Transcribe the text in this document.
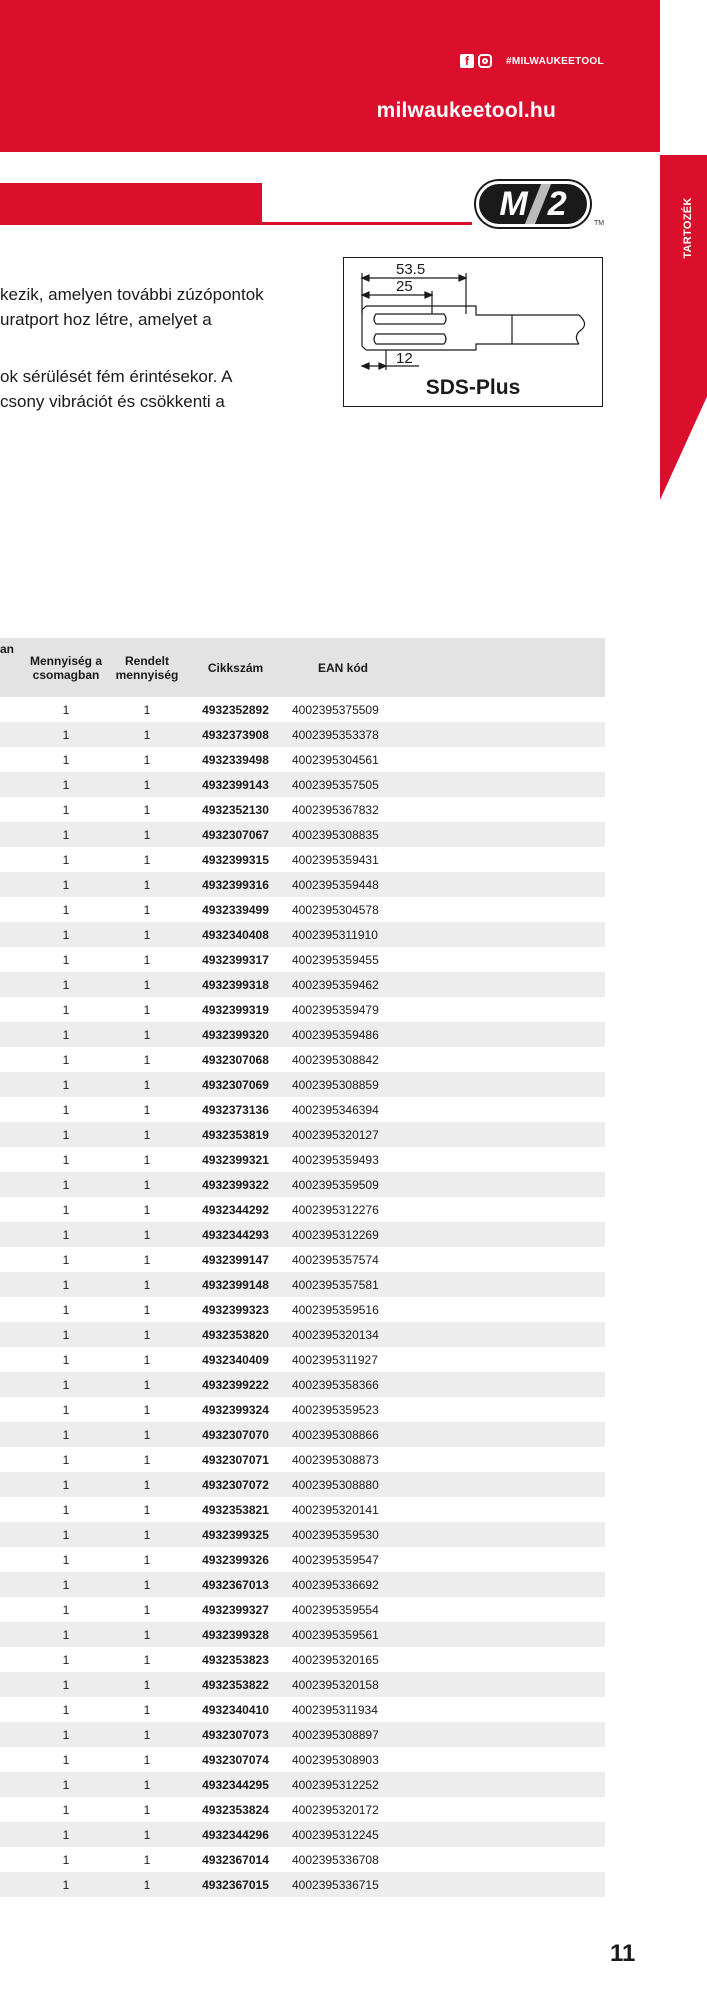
f	#MILWAUKEETOOL
milwaukeetool.hu
TARTOZÉK
M 2
TM
kezik, amelyen további zúzópontok
uratport hoz létre, amelyet a
ok sérülését fém érintésekor. A
csony vibrációt és csökkenti a
53.5
25
12
SDS-Plus
an	Mennyiség a csomagban	Rendelt mennyiség	Cikkszám	EAN kód	
	1	1	4932352892	4002395375509	
	1	1	4932373908	4002395353378	
	1	1	4932339498	4002395304561	
	1	1	4932399143	4002395357505	
	1	1	4932352130	4002395367832	
	1	1	4932307067	4002395308835	
	1	1	4932399315	4002395359431	
	1	1	4932399316	4002395359448	
	1	1	4932339499	4002395304578	
	1	1	4932340408	4002395311910	
	1	1	4932399317	4002395359455	
	1	1	4932399318	4002395359462	
	1	1	4932399319	4002395359479	
	1	1	4932399320	4002395359486	
	1	1	4932307068	4002395308842	
	1	1	4932307069	4002395308859	
	1	1	4932373136	4002395346394	
	1	1	4932353819	4002395320127	
	1	1	4932399321	4002395359493	
	1	1	4932399322	4002395359509	
	1	1	4932344292	4002395312276	
	1	1	4932344293	4002395312269	
	1	1	4932399147	4002395357574	
	1	1	4932399148	4002395357581	
	1	1	4932399323	4002395359516	
	1	1	4932353820	4002395320134	
	1	1	4932340409	4002395311927	
	1	1	4932399222	4002395358366	
	1	1	4932399324	4002395359523	
	1	1	4932307070	4002395308866	
	1	1	4932307071	4002395308873	
	1	1	4932307072	4002395308880	
	1	1	4932353821	4002395320141	
	1	1	4932399325	4002395359530	
	1	1	4932399326	4002395359547	
	1	1	4932367013	4002395336692	
	1	1	4932399327	4002395359554	
	1	1	4932399328	4002395359561	
	1	1	4932353823	4002395320165	
	1	1	4932353822	4002395320158	
	1	1	4932340410	4002395311934	
	1	1	4932307073	4002395308897	
	1	1	4932307074	4002395308903	
	1	1	4932344295	4002395312252	
	1	1	4932353824	4002395320172	
	1	1	4932344296	4002395312245	
	1	1	4932367014	4002395336708	
	1	1	4932367015	4002395336715	
11
